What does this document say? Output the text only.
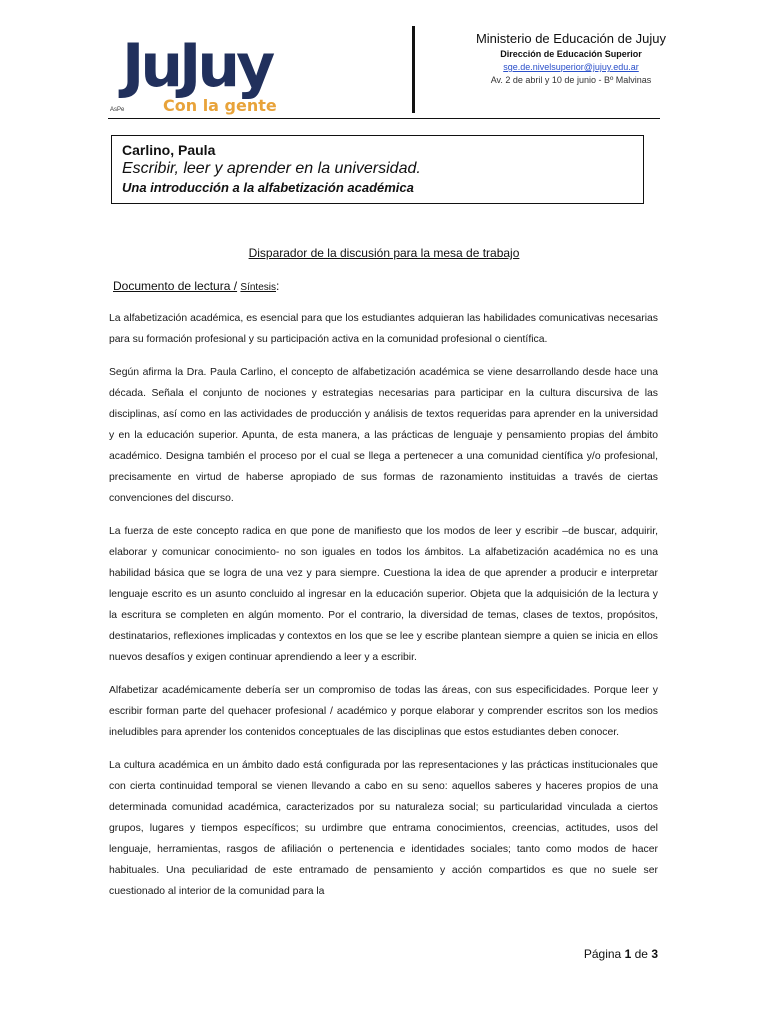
JuJuy
Con la gente
AsPe
Ministerio de Educación de Jujuy
Dirección de Educación Superior
sge.de.nivelsuperior@jujuy.edu.ar
Av. 2 de abril y 10 de junio - Bº Malvinas
Carlino, Paula
Escribir, leer y aprender en la universidad.
Una introducción a la alfabetización académica
Disparador de la discusión para la mesa de trabajo
Documento de lectura / Síntesis:

La alfabetización académica, es esencial para que los estudiantes adquieran las habilidades comunicativas necesarias para su formación profesional y su participación activa en la comunidad profesional o científica.

Según afirma la Dra. Paula Carlino, el concepto de alfabetización académica se viene desarrollando desde hace una década. Señala el conjunto de nociones y estrategias necesarias para participar en la cultura discursiva de las disciplinas, así como en las actividades de producción y análisis de textos requeridas para aprender en la universidad y en la educación superior. Apunta, de esta manera, a las prácticas de lenguaje y pensamiento propias del ámbito académico. Designa también el proceso por el cual se llega a pertenecer a una comunidad científica y/o profesional, precisamente en virtud de haberse apropiado de sus formas de razonamiento instituidas a través de ciertas convenciones del discurso.

La fuerza de este concepto radica en que pone de manifiesto que los modos de leer y escribir –de buscar, adquirir, elaborar y comunicar conocimiento- no son iguales en todos los ámbitos. La alfabetización académica no es una habilidad básica que se logra de una vez y para siempre. Cuestiona la idea de que aprender a producir e interpretar lenguaje escrito es un asunto concluido al ingresar en la educación superior. Objeta que la adquisición de la lectura y la escritura se completen en algún momento. Por el contrario, la diversidad de temas, clases de textos, propósitos, destinatarios, reflexiones implicadas y contextos en los que se lee y escribe plantean siempre a quien se inicia en ellos nuevos desafíos y exigen continuar aprendiendo a leer y a escribir.

Alfabetizar académicamente debería ser un compromiso de todas las áreas, con sus especificidades. Porque leer y escribir forman parte del quehacer profesional / académico y porque elaborar y comprender escritos son los medios ineludibles para aprender los contenidos conceptuales de las disciplinas que estos estudiantes deben conocer.

La cultura académica en un ámbito dado está configurada por las representaciones y las prácticas institucionales que con cierta continuidad temporal se vienen llevando a cabo en su seno: aquellos saberes y haceres propios de una determinada comunidad académica, caracterizados por su naturaleza social; su particularidad vinculada a ciertos grupos, lugares y tiempos específicos; su urdimbre que entrama conocimientos, creencias, actitudes, usos del lenguaje, herramientas, rasgos de afiliación o pertenencia e identidades sociales; tanto como modos de hacer habituales. Una peculiaridad de este entramado de pensamiento y acción compartidos es que no suele ser cuestionado al interior de la comunidad para la

Página 1 de 3
